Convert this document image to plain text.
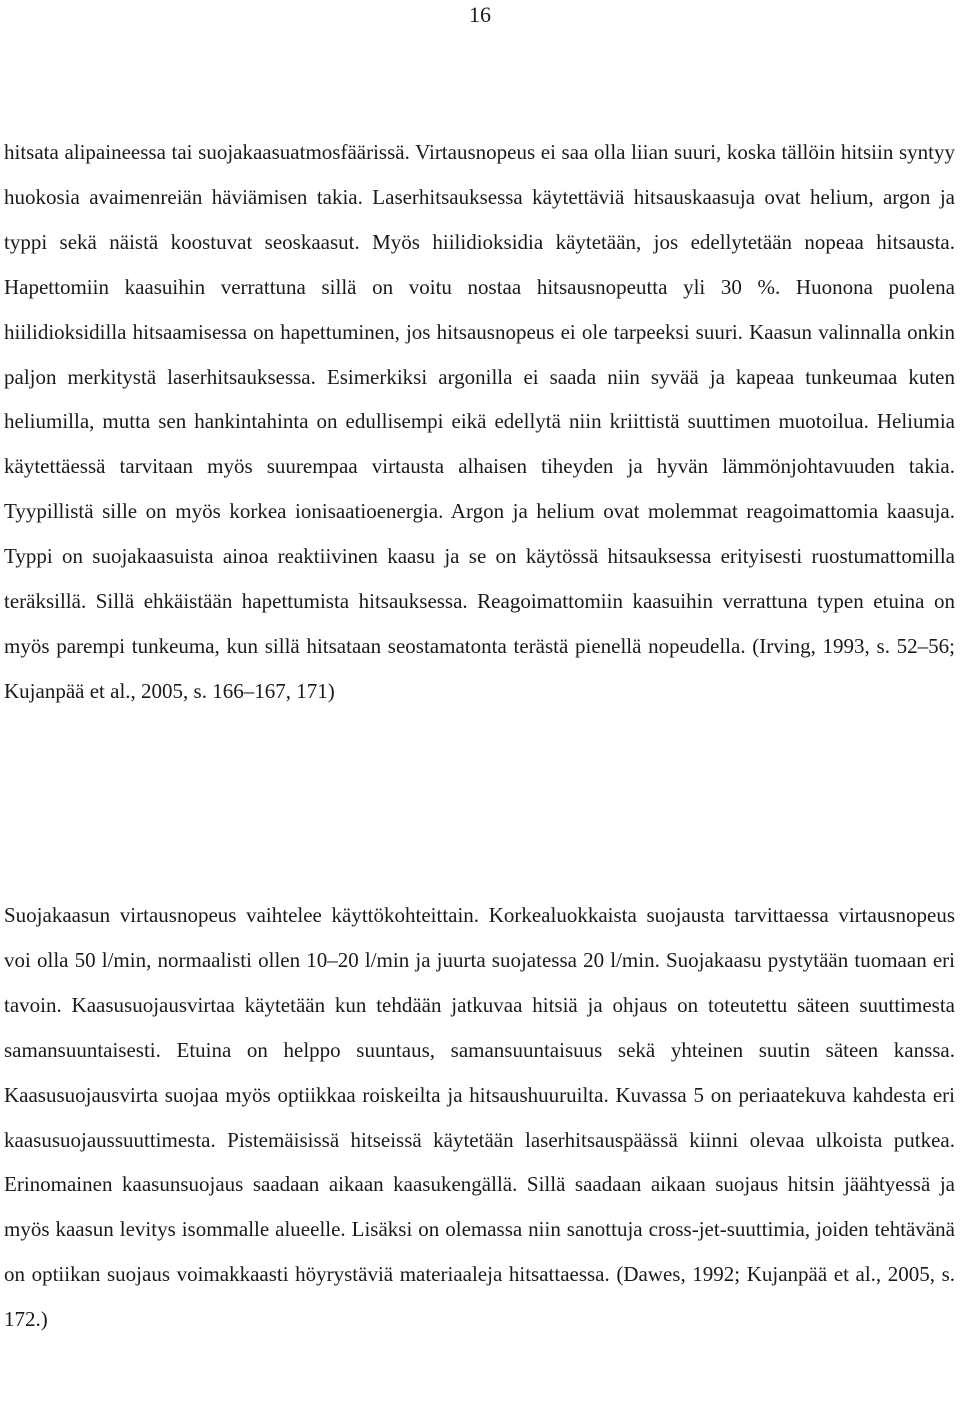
16

hitsata alipaineessa tai suojakaasuatmosfäärissä. Virtausnopeus ei saa olla liian suuri, koska tällöin hitsiin syntyy huokosia avaimenreiän häviämisen takia. Laserhitsauksessa käytettäviä hitsauskaasuja ovat helium, argon ja typpi sekä näistä koostuvat seoskaasut. Myös hiilidioksidia käytetään, jos edellytetään nopeaa hitsausta. Hapettomiin kaasuihin verrattuna sillä on voitu nostaa hitsausnopeutta yli 30 %. Huonona puolena hiilidioksidilla hitsaamisessa on hapettuminen, jos hitsausnopeus ei ole tarpeeksi suuri. Kaasun valinnalla onkin paljon merkitystä laserhitsauksessa. Esimerkiksi argonilla ei saada niin syvää ja kapeaa tunkeumaa kuten heliumilla, mutta sen hankintahinta on edullisempi eikä edellytä niin kriittistä suuttimen muotoilua. Heliumia käytettäessä tarvitaan myös suurempaa virtausta alhaisen tiheyden ja hyvän lämmönjohtavuuden takia. Tyypillistä sille on myös korkea ionisaatioenergia. Argon ja helium ovat molemmat reagoimattomia kaasuja. Typpi on suojakaasuista ainoa reaktiivinen kaasu ja se on käytössä hitsauksessa erityisesti ruostumattomilla teräksillä. Sillä ehkäistään hapettumista hitsauksessa. Reagoimattomiin kaasuihin verrattuna typen etuina on myös parempi tunkeuma, kun sillä hitsataan seostamatonta terästä pienellä nopeudella. (Irving, 1993, s. 52–56; Kujanpää et al., 2005, s. 166–167, 171)

Suojakaasun virtausnopeus vaihtelee käyttökohteittain. Korkealuokkaista suojausta tarvittaessa virtausnopeus voi olla 50 l/min, normaalisti ollen 10–20 l/min ja juurta suojatessa 20 l/min. Suojakaasu pystytään tuomaan eri tavoin. Kaasusuojausvirtaa käytetään kun tehdään jatkuvaa hitsiä ja ohjaus on toteutettu säteen suuttimesta samansuuntaisesti. Etuina on helppo suuntaus, samansuuntaisuus sekä yhteinen suutin säteen kanssa. Kaasusuojausvirta suojaa myös optiikkaa roiskeilta ja hitsaushuuruilta. Kuvassa 5 on periaatekuva kahdesta eri kaasusuojaussuuttimesta. Pistemäisissä hitseissä käytetään laserhitsauspäässä kiinni olevaa ulkoista putkea. Erinomainen kaasunsuojaus saadaan aikaan kaasukengällä. Sillä saadaan aikaan suojaus hitsin jäähtyessä ja myös kaasun levitys isommalle alueelle. Lisäksi on olemassa niin sanottuja cross-jet-suuttimia, joiden tehtävänä on optiikan suojaus voimakkaasti höyrystäviä materiaaleja hitsattaessa. (Dawes, 1992; Kujanpää et al., 2005, s. 172.)
